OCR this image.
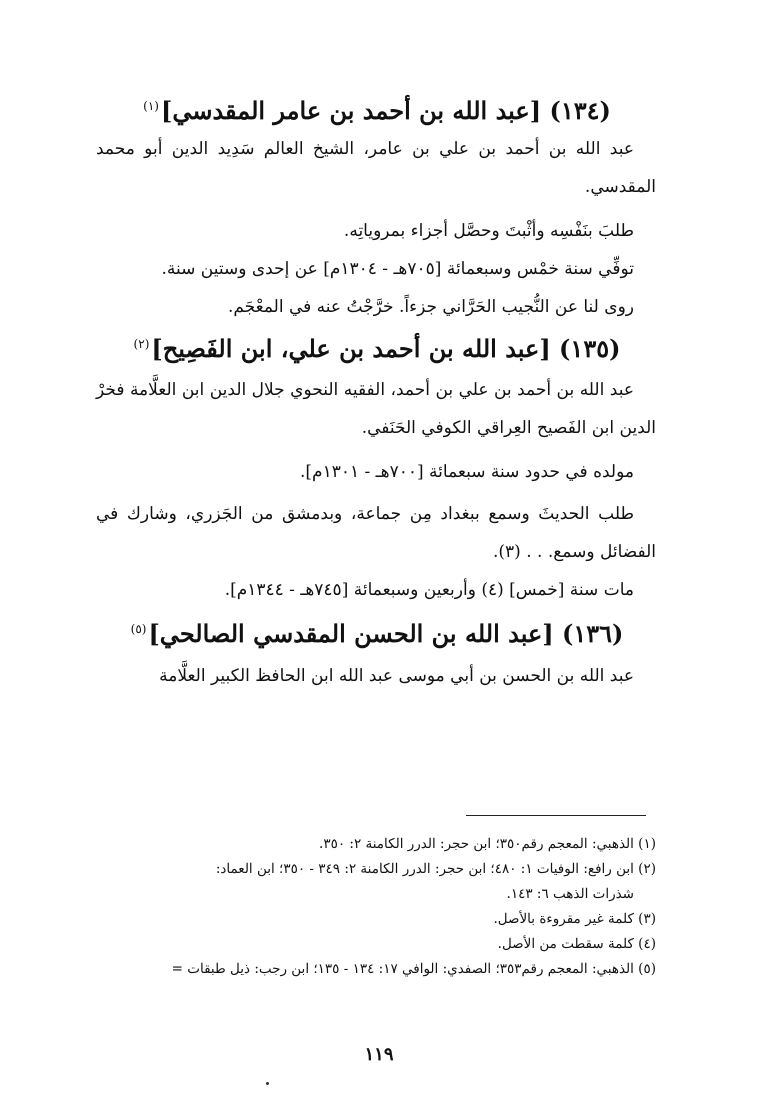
(١٣٤) [عبد الله بن أحمد بن عامر المقدسي]$^{(١)}$

عبد الله بن أحمد بن علي بن عامر، الشيخ العالم سَدِيد الدين أبو محمد المقدسي.

طلبَ بنَفْسِه وأثْبتَ وحصَّل أجزاء بمروياتِه.

توفِّي سنة خمْس وسبعمائة [٧٠٥هـ - ١٣٠٤م] عن إحدى وستين سنة.

روى لنا عن النُّجيب الحَرَّاني جزءاً. خرَّجْتُ عنه في المعْجَم.

(١٣٥) [عبد الله بن أحمد بن علي، ابن الفَصِيح]$^{(٢)}$

عبد الله بن أحمد بن علي بن أحمد، الفقيه النحوي جلال الدين ابن العلَّامة فخرْ الدين ابن الفَصيح العِراقي الكوفي الحَنَفي.

مولده في حدود سنة سبعمائة [٧٠٠هـ - ١٣٠١م].

طلب الحديثَ وسمع ببغداد مِن جماعة، وبدمشق من الجَزري، وشارك في الفضائل وسمع. . . (٣).

مات سنة [خمس] (٤) وأربعين وسبعمائة [٧٤٥هـ - ١٣٤٤م].

(١٣٦) [عبد الله بن الحسن المقدسي الصالحي]$^{(٥)}$

عبد الله بن الحسن بن أبي موسى عبد الله ابن الحافظ الكبير العلَّامة

(١) الذهبي: المعجم رقم٣٥٠؛ ابن حجر: الدرر الكامنة ٢: ٣٥٠.

(٢) ابن رافع: الوفيات ١: ٤٨٠؛ ابن حجر: الدرر الكامنة ٢: ٣٤٩ - ٣٥٠؛ ابن العماد:

شذرات الذهب ٦: ١٤٣.

(٣) كلمة غير مقروءة بالأصل.

(٤) كلمة سقطت من الأصل.

(٥) الذهبي: المعجم رقم٣٥٣؛ الصفدي: الوافي ١٧: ١٣٤ - ١٣٥؛ ابن رجب: ذيل طبقات =

١١٩
